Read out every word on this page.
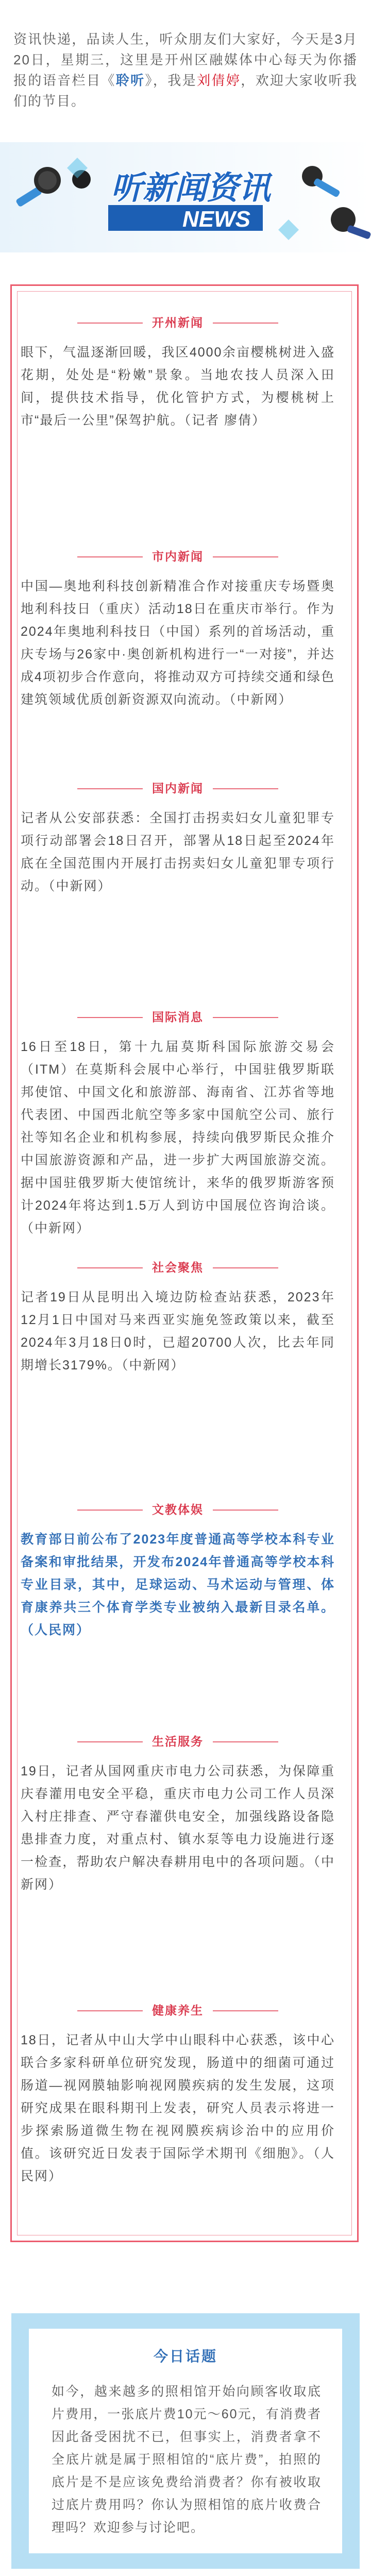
资讯快递，品读人生，听众朋友们大家好，今天是3月20日，星期三，这里是开州区融媒体中心每天为你播报的语音栏目《聆听》，我是刘倩婷，欢迎大家收听我们的节目。
听新闻资讯
NEWS
开州新闻
眼下，气温逐渐回暖，我区4000余亩樱桃树进入盛花期，处处是“粉嫩”景象。当地农技人员深入田间，提供技术指导，优化管护方式，为樱桃树上市“最后一公里”保驾护航。（记者 廖倩）
市内新闻
中国—奥地利科技创新精准合作对接重庆专场暨奥地利科技日（重庆）活动18日在重庆市举行。作为2024年奥地利科技日（中国）系列的首场活动，重庆专场与26家中·奥创新机构进行一“一对接”，并达成4项初步合作意向，将推动双方可持续交通和绿色建筑领域优质创新资源双向流动。（中新网）
国内新闻
记者从公安部获悉：全国打击拐卖妇女儿童犯罪专项行动部署会18日召开，部署从18日起至2024年底在全国范围内开展打击拐卖妇女儿童犯罪专项行动。（中新网）
国际消息
16日至18日，第十九届莫斯科国际旅游交易会（ITM）在莫斯科会展中心举行，中国驻俄罗斯联邦使馆、中国文化和旅游部、海南省、江苏省等地代表团、中国西北航空等多家中国航空公司、旅行社等知名企业和机构参展，持续向俄罗斯民众推介中国旅游资源和产品，进一步扩大两国旅游交流。据中国驻俄罗斯大使馆统计，来华的俄罗斯游客预计2024年将达到1.5万人到访中国展位咨询洽谈。（中新网）
社会聚焦
记者19日从昆明出入境边防检查站获悉，2023年12月1日中国对马来西亚实施免签政策以来，截至2024年3月18日0时，已超20700人次，比去年同期增长3179%。（中新网）
文教体娱
教育部日前公布了2023年度普通高等学校本科专业备案和审批结果，开发布2024年普通高等学校本科专业目录，其中，足球运动、马术运动与管理、体育康养共三个体育学类专业被纳入最新目录名单。（人民网）
生活服务
19日，记者从国网重庆市电力公司获悉，为保障重庆春灌用电安全平稳，重庆市电力公司工作人员深入村庄排查、严守春灌供电安全，加强线路设备隐患排查力度，对重点村、镇水泵等电力设施进行逐一检查，帮助农户解决春耕用电中的各项问题。（中新网）
健康养生
18日，记者从中山大学中山眼科中心获悉，该中心联合多家科研单位研究发现，肠道中的细菌可通过肠道—视网膜轴影响视网膜疾病的发生发展，这项研究成果在眼科期刊上发表，研究人员表示将进一步探索肠道微生物在视网膜疾病诊治中的应用价值。该研究近日发表于国际学术期刊《细胞》。（人民网）
今日话题
如今，越来越多的照相馆开始向顾客收取底片费用，一张底片费10元～60元，有消费者因此备受困扰不已，但事实上，消费者拿不全底片就是属于照相馆的“底片费”，拍照的底片是不是应该免费给消费者？你有被收取过底片费用吗？你认为照相馆的底片收费合理吗？欢迎参与讨论吧。
